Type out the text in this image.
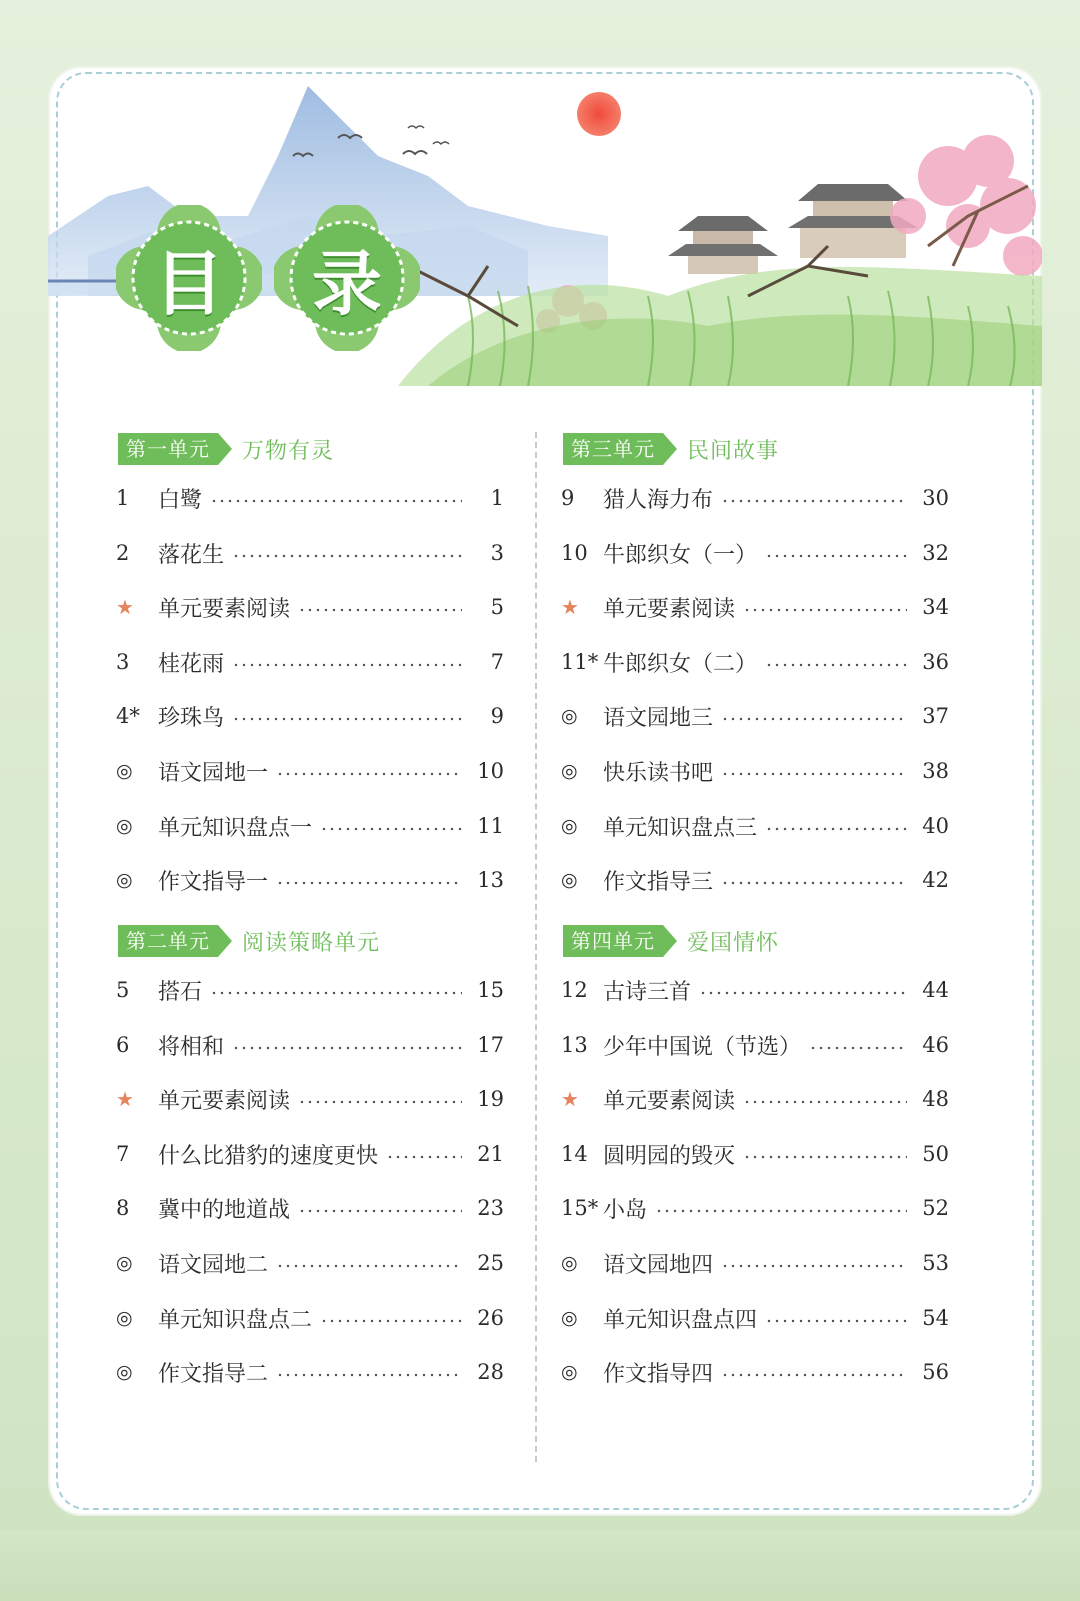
目	录
第一单元	万物有灵
1	白鹭	1
2	落花生	3
★	单元要素阅读	5
3	桂花雨	7
4* 珍珠鸟	9
◎	语文园地一	10
◎	单元知识盘点一	11
◎	作文指导一	13
第二单元	阅读策略单元
5	搭石	15
6	将相和	17
★	单元要素阅读	19
7	什么比猎豹的速度更快	21
8	冀中的地道战	23
◎	语文园地二	25
◎	单元知识盘点二	26
◎	作文指导二	28
第三单元	民间故事
9	猎人海力布	30
10 牛郎织女（一）	32
★	单元要素阅读	34
11* 牛郎织女（二）	36
◎	语文园地三	37
◎	快乐读书吧	38
◎	单元知识盘点三	40
◎	作文指导三	42
第四单元	爱国情怀
12 古诗三首	44
13 少年中国说（节选）	46
★	单元要素阅读	48
14 圆明园的毁灭	50
15* 小岛	52
◎	语文园地四	53
◎	单元知识盘点四	54
◎	作文指导四	56
